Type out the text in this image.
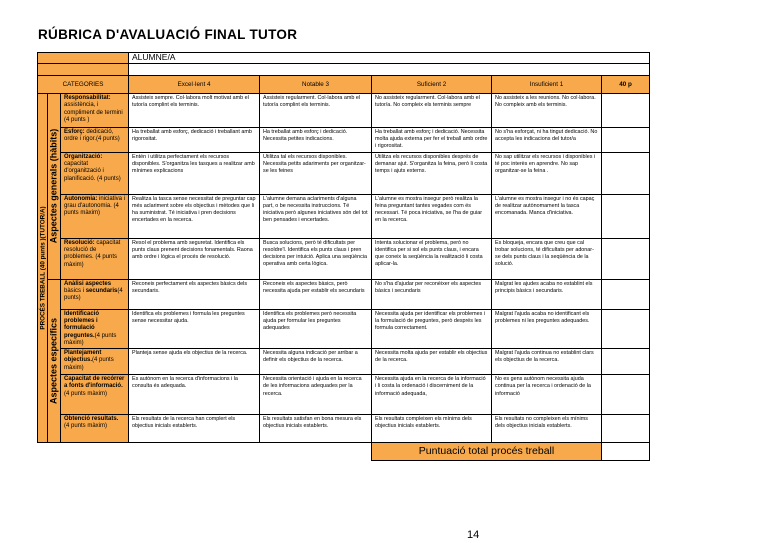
RÚBRICA D'AVALUACIÓ FINAL TUTOR
			ALUMNE/A				

CATEGORIES			Excel·lent 4	Notable 3	Suficient 2	Insuficient 1	40 p

PROCÉS TREBALL (40 punts )(TUTOR/A)	Aspectes generals (hàbits)	Responsabilitat: assistència, i compliment de termini (4 punts )	Assisteix sempre. Col·labora molt motivat amb el tutor/a complint els terminis.	Assisteix regularment. Col·labora amb el tutor/a complint els terminis.	No assisteix regularment. Col·labora amb el tutor/a. No compleix els terminis sempre	No assisteix a les reunions. No col·labora. No compleix amb els terminis.	
		Esforç: dedicació, ordre i rigor.(4 punts)	Ha treballat amb esforç, dedicació i treballant amb rigorositat.	Ha treballat amb esforç i dedicació. Necessita petites indicacions.	Ha treballat amb esforç i dedicació. Necessita molta ajuda externa per fer el treball amb ordre i rigorositat.	No s'ha esforçat, ni ha tingut dedicació. No accepta les indicacions del tutor/a	
		Organització: capacitat d'organització i planificació. (4 punts)	Entén i utilitza perfectament els recursos disponibles. S'organitza les tasques a realitzar amb mínimes explicacions	Utilitza tal els recursos disponibles. Necessita petits adariments per organitzar-se les feines	Utilitza els recursos disponibles després de demanar ajut. S'organitza la feina, però li costa temps i ajuts externs.	No sap utilitzar els recursos i disponibles i té poc interès en aprendre. No sap organitzar-se la feina .	
		Autonomia: iniciativa i grau d'autonomia. (4 punts màxim)	Realitza la tasca sense necessitat de preguntar cap més aclariment sobre els objectius i mètodes que li ha suministrat. Té iniciativa i pren decisions encertades en la recerca.	L'alumne demana aclariments d'alguna part, o be necessita instruccions. Té iniciativa però algunes iniciatives són del tot ben pensades i encertades.	L'alumne es mostra insegur però realitza la feina preguntant tantes vegades com és necessari. Té poca iniciativa, se l'ha de guiar en la recerca.	L'alumne es mostra insegur i no és capaç de realitzar autònomament la tasca encomanada. Manca d'iniciativa.	
		Resolució: capacitat resolució de problemes. (4 punts màxim)	Resol el problema amb seguretat. Identifica els punts claus prenent decisions fonamentals. Raona amb ordre i lògica el procés de resolució.	Busca solucions, però té dificultats per resoldre'l. Identifica els punts claus i pren decisions per intuició. Aplica una seqüència operativa amb certa lògica.	Intenta solucionar el problema, però no identifica per si sol els punts claus, i encara que coneix la seqüència la realització li costa aplicar-la.	Es bloqueja, encara que creu que cal trobar solucions, té dificultats per adonar-se dels punts claus i la seqüència de la solució.	

	Aspectes específics	Anàlisi aspectes bàsics i secundaris(4 punts)	Reconeix perfectament els aspectes bàsics dels secundaris.	Reconeix els aspectes bàsics, però necessita ajuda per establir els secundaris	No s'ha d'ajudar per reconèixer els aspectes bàsics i secundaris	Malgrat les ajudes acaba no establint els principis bàsics i secundaris.	
		Identificació problemes i formulació preguntes.(4 punts màxim)	Identifica els problemes i formula les preguntes sense necessitar ajuda.	Identifica els problemes però necessita ajuda per formular les preguntes adequades	Necessita ajuda per identificar els problemes i la formulació de preguntes, però després les formula correctament.	Malgrat l'ajuda acaba no identificant els problemes ni les preguntes adequades.	
		Plantejament objectius.(4 punts màxim)	Planteja sense ajuda els objectius de la recerca.	Necessita alguna indicació per arribar a definir els objectius de la recerca.	Necessita molta ajuda per establir els objectius de la recerca.	Malgrat l'ajuda continua no establint clars els objectius de la recerca.	
		Capacitat de recórrer a fonts d'informació. (4 punts màxim)	Es autònom en la recerca d'informacions i la consulta és adequada.	Necessita orientació i ajuda en la recerca de les informacions adequades per la recerca.	Necessita ajuda en la recerca de la informació i li costa la ordenació i discerniment de la informació adequada,	No es gens autònom necessita ajuda continua per la recerca i ordenació de la informació	
		Obtenció resultats. (4 punts màxim)	Els resultats de la recerca han complert els objectius inicials establerts.	Els resultats satisfan en bona mesura els objectius inicials establerts.	Els resultats compleixen els mínims dels objectius inicials establerts.	Els resultats no compleixen els mínims dels objectius inicials establerts.	
					Puntuació total procés treball		
14
